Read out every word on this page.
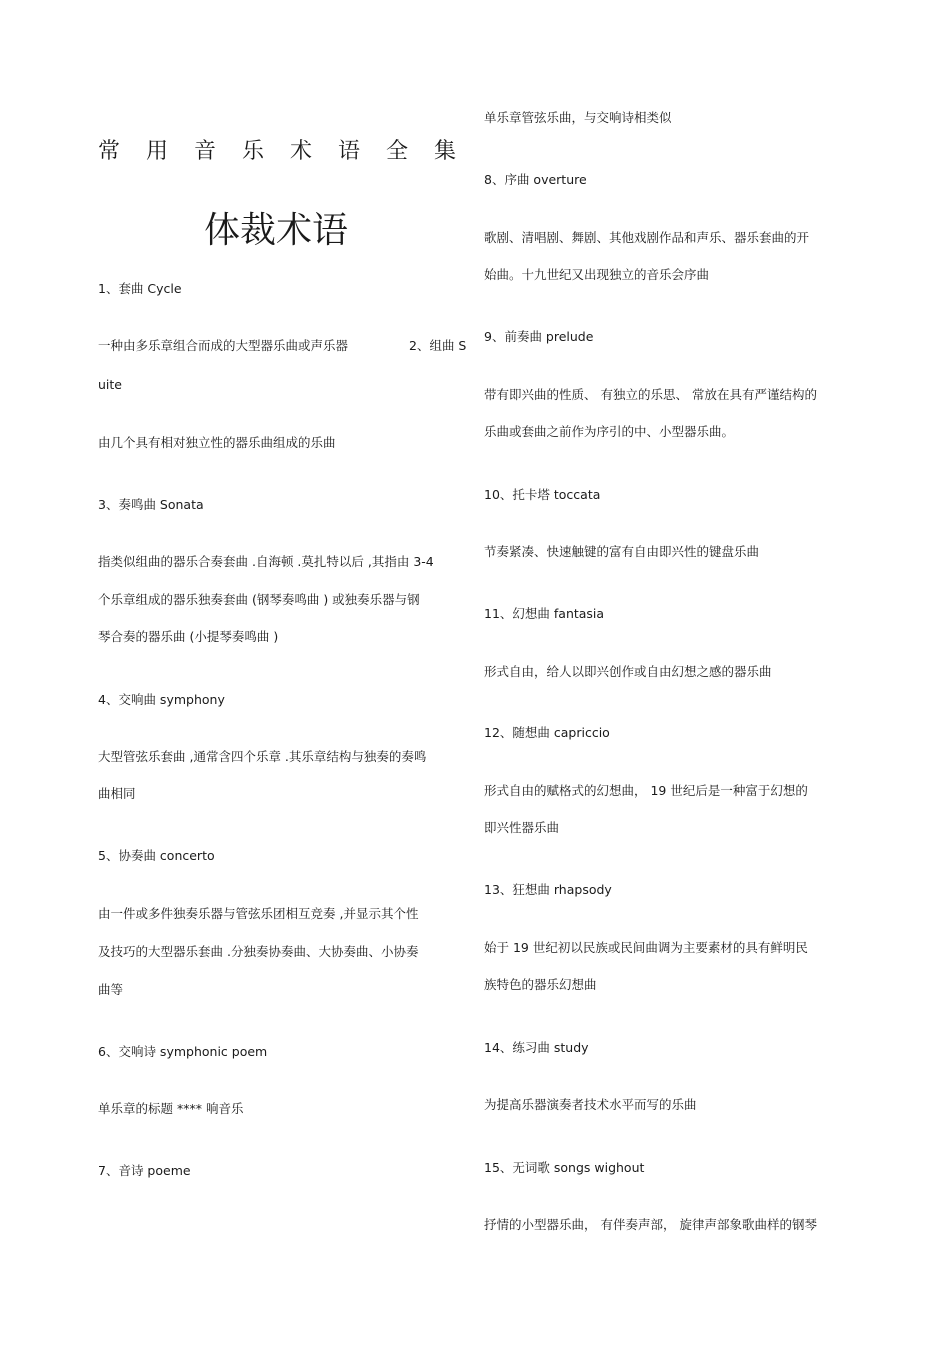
常用音乐术语全集
体裁术语
1、套曲 Cycle
一种由多乐章组合而成的大型器乐曲或声乐器	2、组曲 S
uite
由几个具有相对独立性的器乐曲组成的乐曲
3、奏鸣曲 Sonata
指类似组曲的器乐合奏套曲 .自海顿 .莫扎特以后 ,其指由 3-4
个乐章组成的器乐独奏套曲 (钢琴奏鸣曲 ) 或独奏乐器与钢
琴合奏的器乐曲 (小提琴奏鸣曲 )
4、交响曲 symphony
大型管弦乐套曲 ,通常含四个乐章 .其乐章结构与独奏的奏鸣
曲相同
5、协奏曲 concerto
由一件或多件独奏乐器与管弦乐团相互竞奏 ,并显示其个性
及技巧的大型器乐套曲 .分独奏协奏曲、大协奏曲、小协奏
曲等
6、交响诗 symphonic poem
单乐章的标题 **** 响音乐
7、音诗 poeme
单乐章管弦乐曲，与交响诗相类似
8、序曲 overture
歌剧、清唱剧、舞剧、其他戏剧作品和声乐、器乐套曲的开
始曲。十九世纪又出现独立的音乐会序曲
9、前奏曲 prelude
带有即兴曲的性质、 有独立的乐思、 常放在具有严谨结构的
乐曲或套曲之前作为序引的中、小型器乐曲。
10、托卡塔 toccata
节奏紧凑、快速触键的富有自由即兴性的键盘乐曲
11、幻想曲 fantasia
形式自由，给人以即兴创作或自由幻想之感的器乐曲
12、随想曲 capriccio
形式自由的赋格式的幻想曲， 19 世纪后是一种富于幻想的
即兴性器乐曲
13、狂想曲 rhapsody
始于 19 世纪初以民族或民间曲调为主要素材的具有鲜明民
族特色的器乐幻想曲
14、练习曲 study
为提高乐器演奏者技术水平而写的乐曲
15、无词歌 songs wighout
抒情的小型器乐曲， 有伴奏声部， 旋律声部象歌曲样的钢琴
